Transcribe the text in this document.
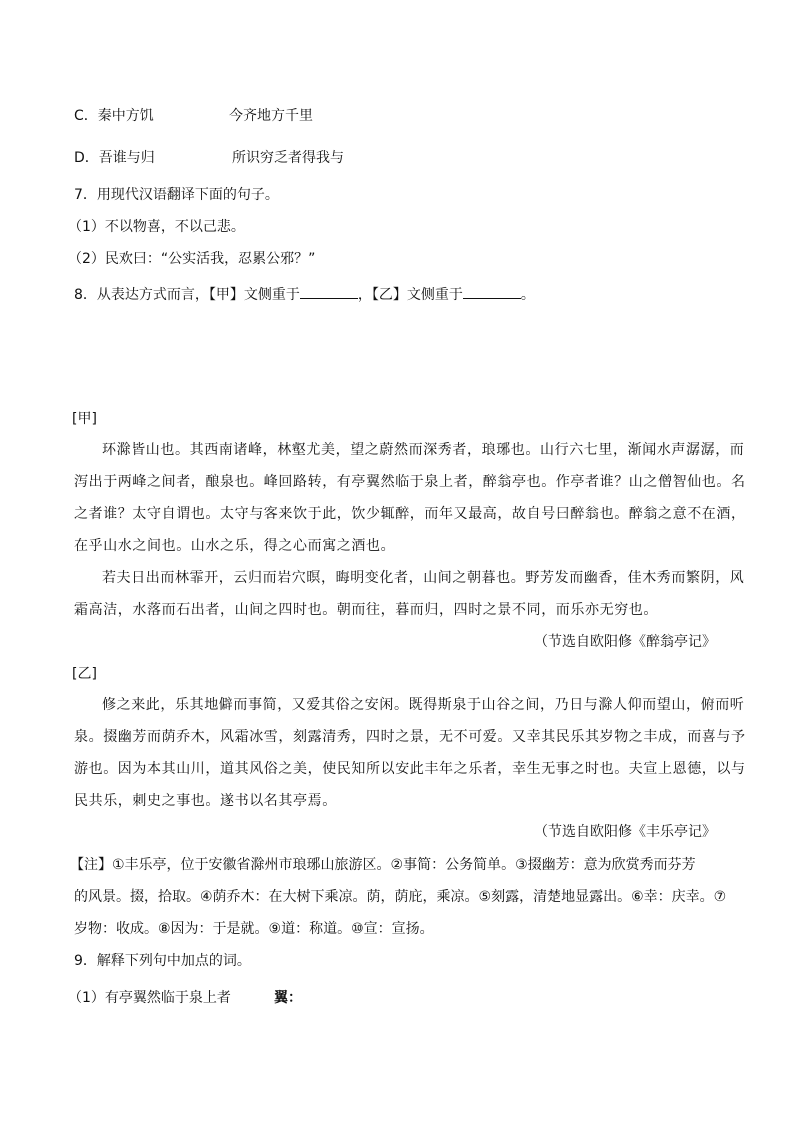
C．秦中方饥	今齐地方千里
D．吾谁与归	所识穷乏者得我与
7．用现代汉语翻译下面的句子。
（1）不以物喜，不以己悲。
（2）民欢曰：“公实活我，忍累公邪？”
8．从表达方式而言，【甲】文侧重于	，【乙】文侧重于	。
[甲]
环滁皆山也。其西南诸峰，林壑尤美，望之蔚然而深秀者，琅琊也。山行六七里，渐闻水声潺潺，而
泻出于两峰之间者，酿泉也。峰回路转，有亭翼然临于泉上者，醉翁亭也。作亭者谁？山之僧智仙也。名
之者谁？太守自谓也。太守与客来饮于此，饮少辄醉，而年又最高，故自号曰醉翁也。醉翁之意不在酒，
在乎山水之间也。山水之乐，得之心而寓之酒也。
若夫日出而林霏开，云归而岩穴暝，晦明变化者，山间之朝暮也。野芳发而幽香，佳木秀而繁阴，风
霜高洁，水落而石出者，山间之四时也。朝而往，暮而归，四时之景不同，而乐亦无穷也。
（节选自欧阳修《醉翁亭记》
[乙]
修之来此，乐其地僻而事简，又爱其俗之安闲。既得斯泉于山谷之间，乃日与滁人仰而望山，俯而听
泉。掇幽芳而荫乔木，风霜冰雪，刻露清秀，四时之景，无不可爱。又幸其民乐其岁物之丰成，而喜与予
游也。因为本其山川，道其风俗之美，使民知所以安此丰年之乐者，幸生无事之时也。夫宣上恩德，以与
民共乐，刺史之事也。遂书以名其亭焉。
（节选自欧阳修《丰乐亭记》
【注】①丰乐亭，位于安徽省滁州市琅琊山旅游区。②事简：公务简单。③掇幽芳：意为欣赏秀而芬芳
的风景。掇，拾取。④荫乔木：在大树下乘凉。荫，荫庇，乘凉。⑤刻露，清楚地显露出。⑥幸：庆幸。⑦
岁物：收成。⑧因为：于是就。⑨道：称道。⑩宣：宣扬。
9．解释下列句中加点的词。
（1）有亭翼然临于泉上者	翼：
